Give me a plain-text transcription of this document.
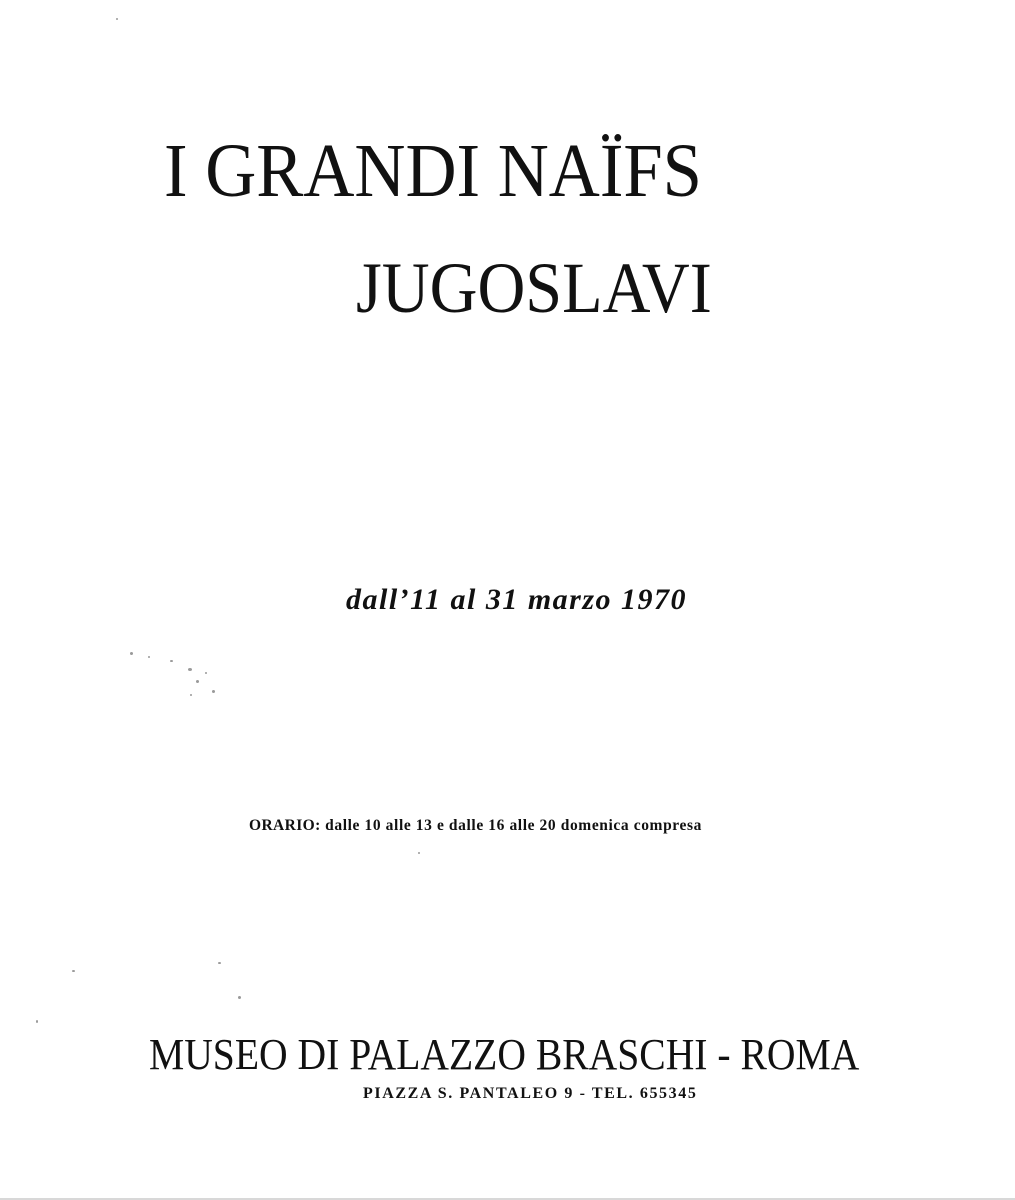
I GRANDI NAÏFS
JUGOSLAVI
dall’11 al 31 marzo 1970
ORARIO: dalle 10 alle 13 e dalle 16 alle 20 domenica compresa
MUSEO DI PALAZZO BRASCHI - ROMA
PIAZZA S. PANTALEO 9 - TEL. 655345
